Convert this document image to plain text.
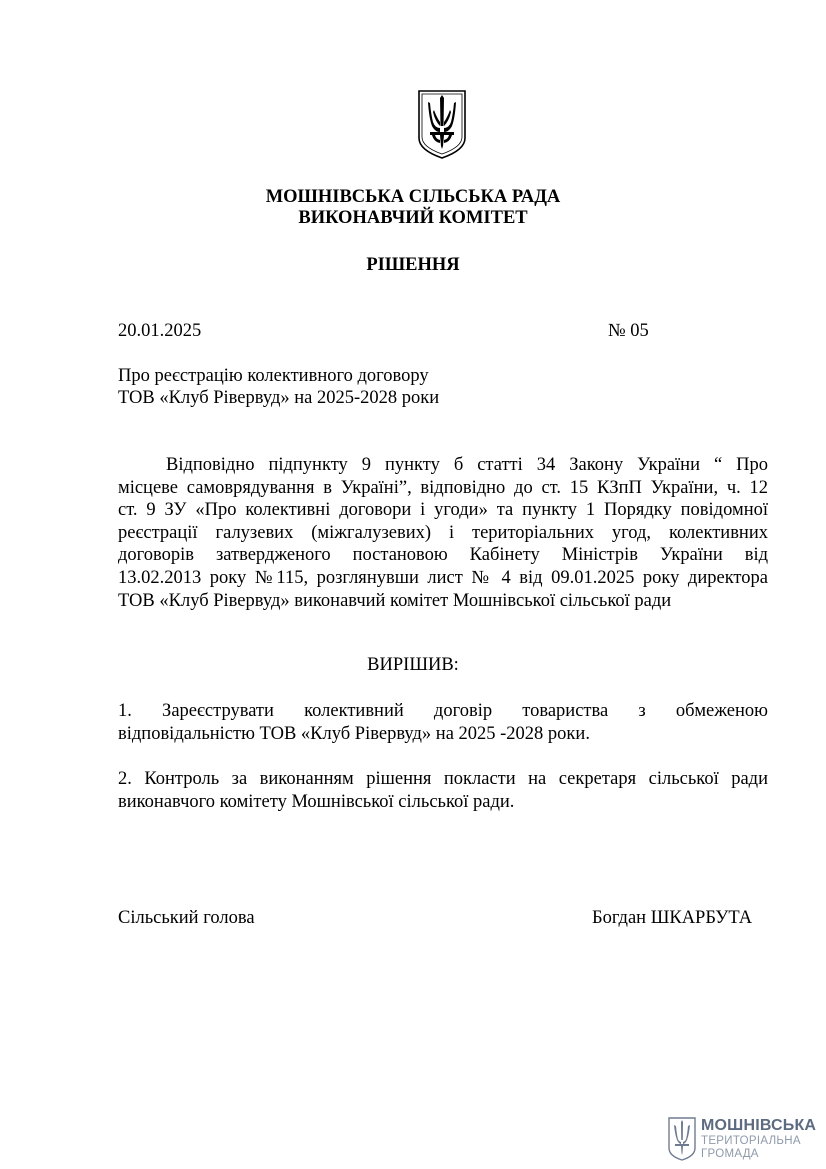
МОШНІВСЬКА СІЛЬСЬКА РАДА
ВИКОНАВЧИЙ КОМІТЕТ
РІШЕННЯ
20.01.2025	№ 05
Про реєстрацію колективного договору
ТОВ «Клуб Рівервуд» на 2025-2028 роки
Відповідно підпункту 9 пункту б статті 34 Закону України “ Про
місцеве самоврядування в Україні”, відповідно до ст. 15 КЗпП України, ч. 12
ст. 9 ЗУ «Про колективні договори і угоди» та пункту 1 Порядку повідомної
реєстрації галузевих (міжгалузевих) і територіальних угод, колективних
договорів затвердженого постановою Кабінету Міністрів України від
13.02.2013 року №115, розглянувши лист № 4 від 09.01.2025 року директора
ТОВ «Клуб Рівервуд» виконавчий комітет Мошнівської сільської ради
ВИРІШИВ:
1. Зареєструвати колективний договір товариства з обмеженою
відповідальністю ТОВ «Клуб Рівервуд» на 2025 -2028 роки.
2. Контроль за виконанням рішення покласти на секретаря сільської ради
виконавчого комітету Мошнівської сільської ради.
Сільський голова	Богдан ШКАРБУТА
МОШНІВСЬКА
ТЕРИТОРІАЛЬНА
ГРОМАДА
